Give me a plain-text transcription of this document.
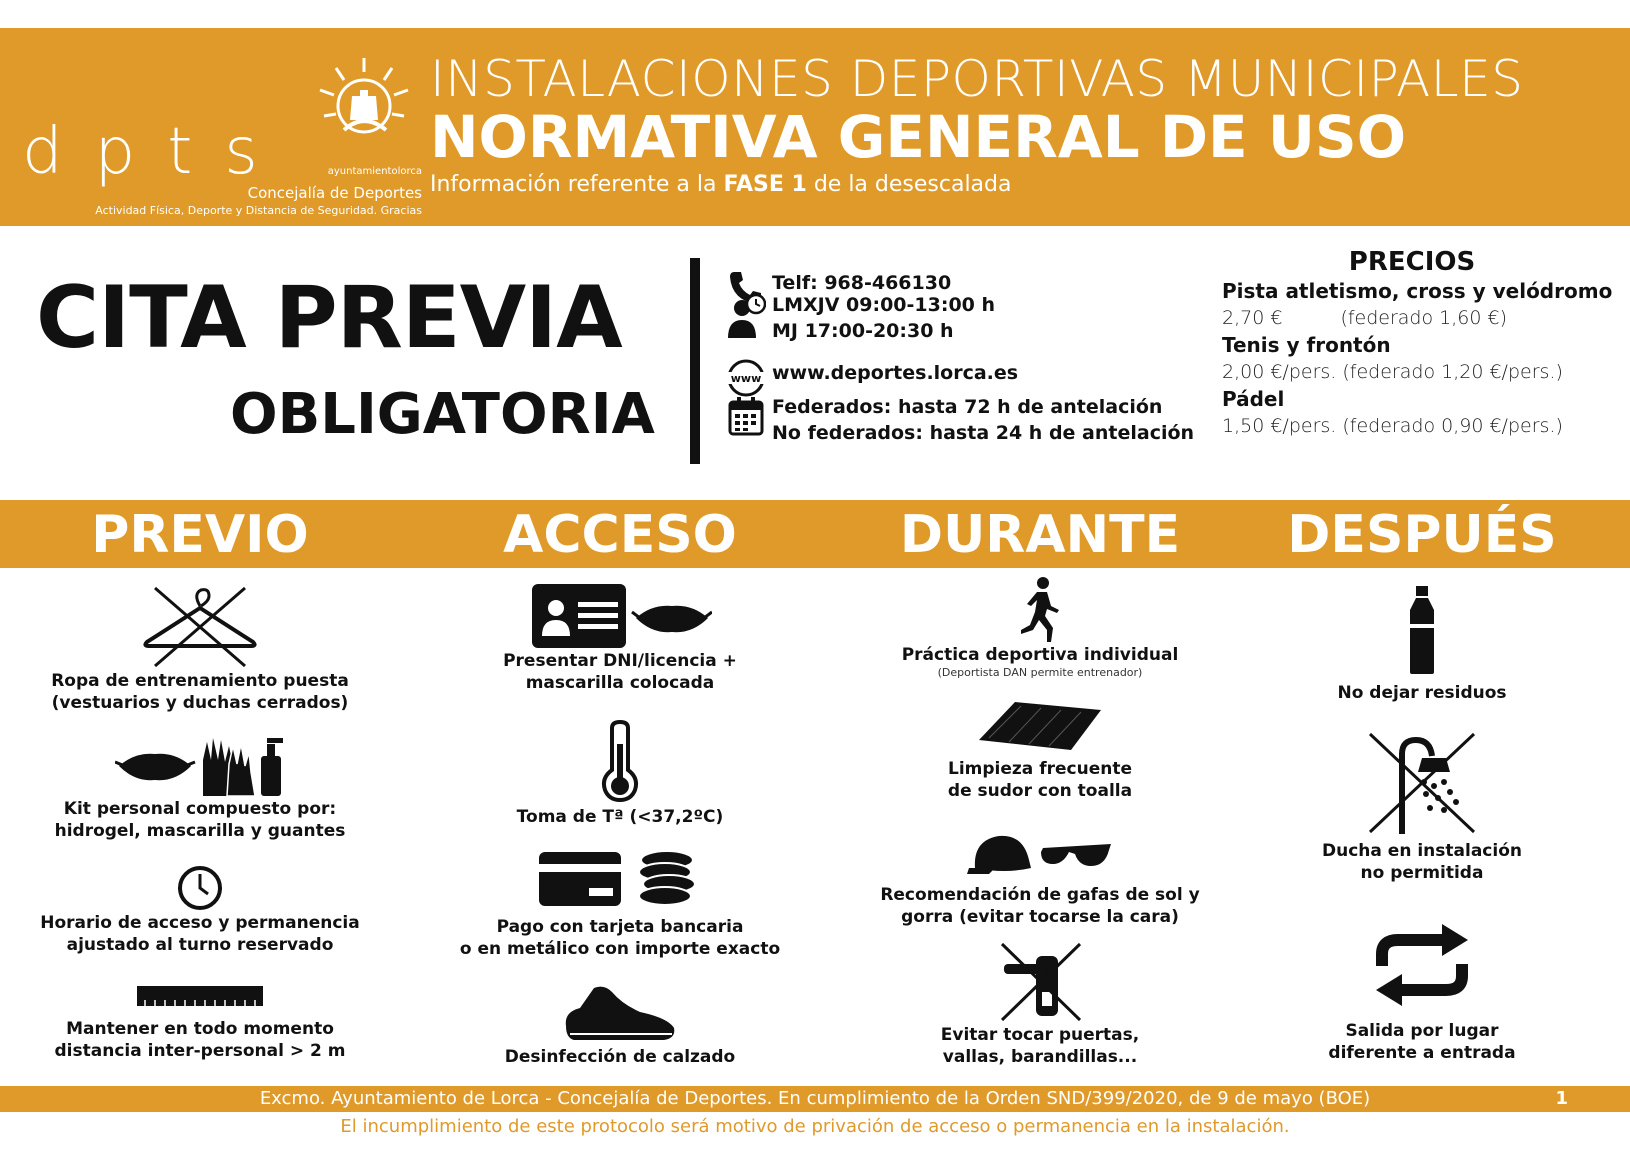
dpts	ayuntamientolorca
Concejalía de Deportes
Actividad Física, Deporte y Distancia de Seguridad. Gracias
INSTALACIONES DEPORTIVAS MUNICIPALES
NORMATIVA GENERAL DE USO
Información referente a la FASE 1 de la desescalada
CITA PREVIA
OBLIGATORIA
Telf: 968-466130
LMXJV 09:00-13:00 h
MJ 17:00-20:30 h
www www.deportes.lorca.es
Federados: hasta 72 h de antelación
No federados: hasta 24 h de antelación
PRECIOS
Pista atletismo, cross y velódromo
2,70 €	(federado 1,60 €)
Tenis y frontón
2,00 €/pers. (federado 1,20 €/pers.)
Pádel
1,50 €/pers. (federado 0,90 €/pers.)
PREVIO	ACCESO	DURANTE	DESPUÉS
Ropa de entrenamiento puesta
(vestuarios y duchas cerrados)
Kit personal compuesto por:
hidrogel, mascarilla y guantes
Horario de acceso y permanencia
ajustado al turno reservado
Mantener en todo momento
distancia inter-personal > 2 m
Presentar DNI/licencia +
mascarilla colocada
Toma de Tª (<37,2ºC)
Pago con tarjeta bancaria
o en metálico con importe exacto
Desinfección de calzado
Práctica deportiva individual
(Deportista DAN permite entrenador)
Limpieza frecuente
de sudor con toalla
Recomendación de gafas de sol y
gorra (evitar tocarse la cara)
Evitar tocar puertas,
vallas, barandillas...
No dejar residuos
Ducha en instalación
no permitida
Salida por lugar
diferente a entrada
Excmo. Ayuntamiento de Lorca - Concejalía de Deportes. En cumplimiento de la Orden SND/399/2020, de 9 de mayo (BOE)	1
El incumplimiento de este protocolo será motivo de privación de acceso o permanencia en la instalación.
